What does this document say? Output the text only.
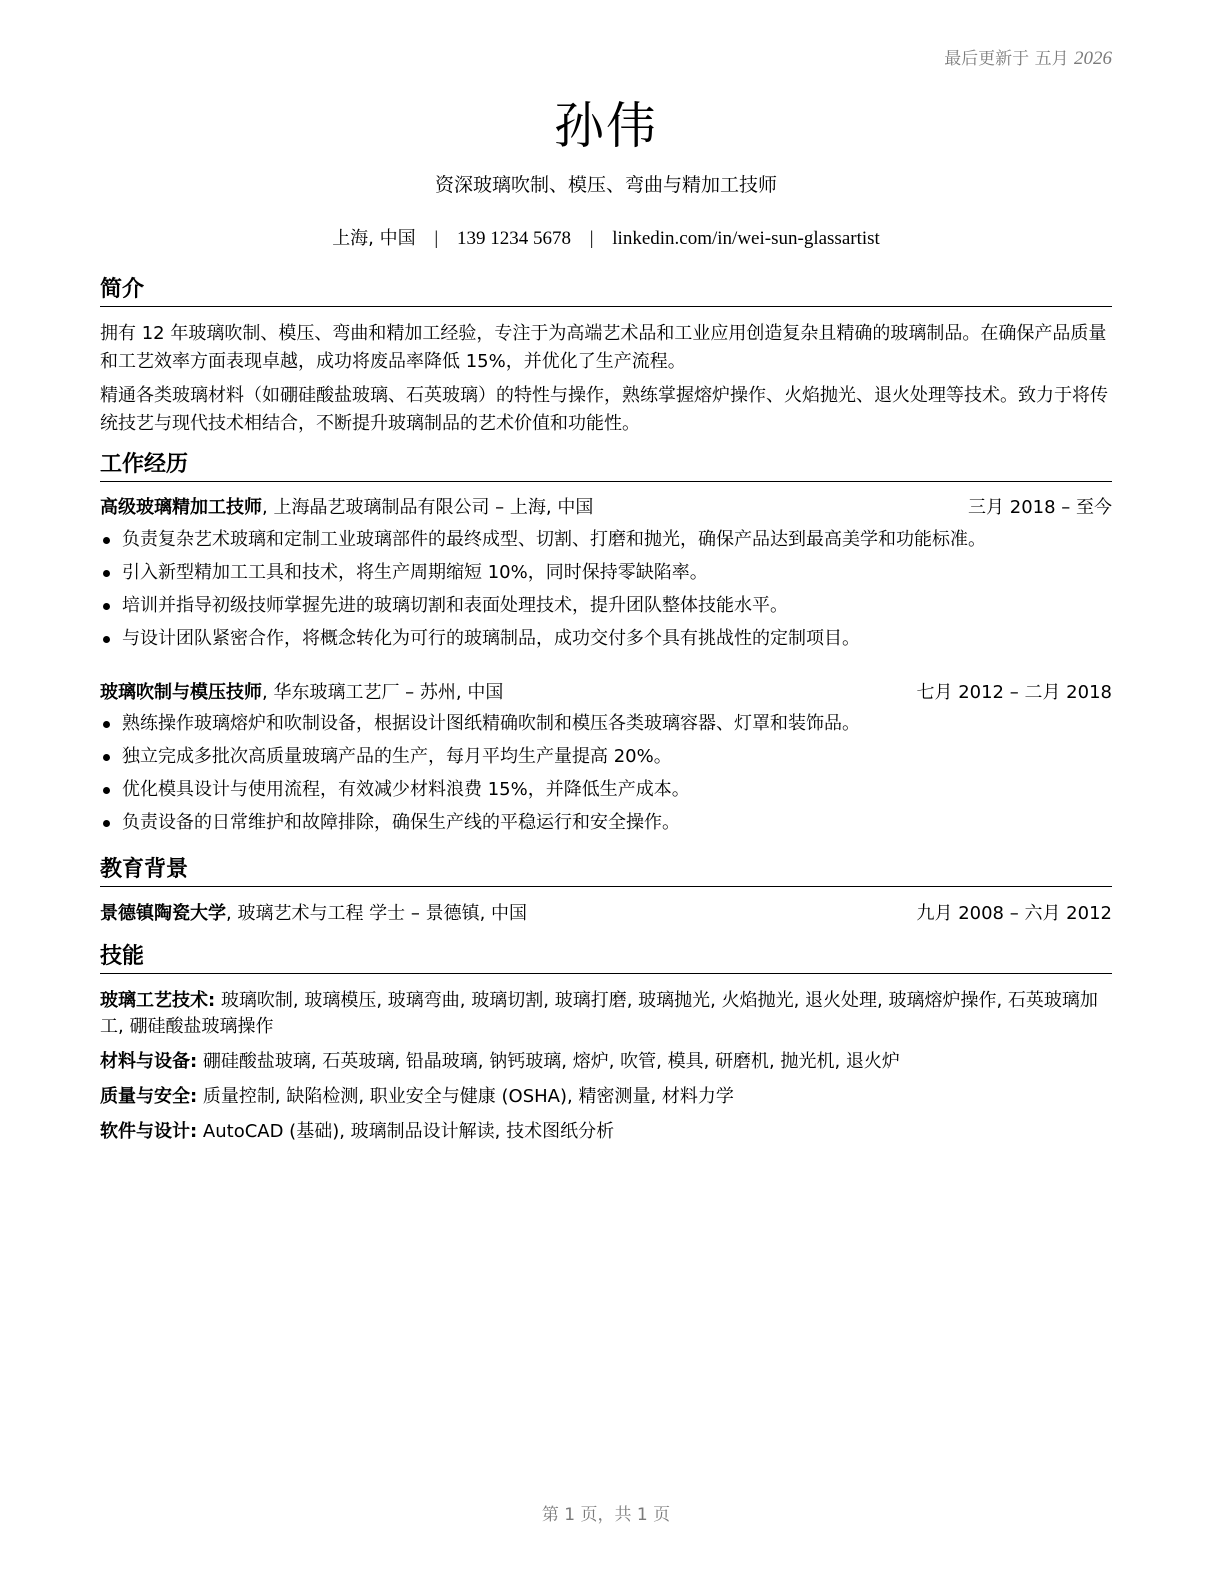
最后更新于 五月 2026
孙伟
资深玻璃吹制、模压、弯曲与精加工技师
上海, 中国 | 139 1234 5678 | linkedin.com/in/wei-sun-glassartist
简介
拥有 12 年玻璃吹制、模压、弯曲和精加工经验，专注于为高端艺术品和工业应用创造复杂且精确的玻璃制品。在确保产品质量和工艺效率方面表现卓越，成功将废品率降低 15%，并优化了生产流程。
精通各类玻璃材料（如硼硅酸盐玻璃、石英玻璃）的特性与操作，熟练掌握熔炉操作、火焰抛光、退火处理等技术。致力于将传统技艺与现代技术相结合，不断提升玻璃制品的艺术价值和功能性。
工作经历
高级玻璃精加工技师, 上海晶艺玻璃制品有限公司 – 上海, 中国	三月 2018 – 至今
负责复杂艺术玻璃和定制工业玻璃部件的最终成型、切割、打磨和抛光，确保产品达到最高美学和功能标准。
引入新型精加工工具和技术，将生产周期缩短 10%，同时保持零缺陷率。
培训并指导初级技师掌握先进的玻璃切割和表面处理技术，提升团队整体技能水平。
与设计团队紧密合作，将概念转化为可行的玻璃制品，成功交付多个具有挑战性的定制项目。
玻璃吹制与模压技师, 华东玻璃工艺厂 – 苏州, 中国	七月 2012 – 二月 2018
熟练操作玻璃熔炉和吹制设备，根据设计图纸精确吹制和模压各类玻璃容器、灯罩和装饰品。
独立完成多批次高质量玻璃产品的生产，每月平均生产量提高 20%。
优化模具设计与使用流程，有效减少材料浪费 15%，并降低生产成本。
负责设备的日常维护和故障排除，确保生产线的平稳运行和安全操作。
教育背景
景德镇陶瓷大学, 玻璃艺术与工程 学士 – 景德镇, 中国	九月 2008 – 六月 2012
技能
玻璃工艺技术: 玻璃吹制, 玻璃模压, 玻璃弯曲, 玻璃切割, 玻璃打磨, 玻璃抛光, 火焰抛光, 退火处理, 玻璃熔炉操作, 石英玻璃加工, 硼硅酸盐玻璃操作
材料与设备: 硼硅酸盐玻璃, 石英玻璃, 铅晶玻璃, 钠钙玻璃, 熔炉, 吹管, 模具, 研磨机, 抛光机, 退火炉
质量与安全: 质量控制, 缺陷检测, 职业安全与健康 (OSHA), 精密测量, 材料力学
软件与设计: AutoCAD (基础), 玻璃制品设计解读, 技术图纸分析
第 1 页，共 1 页
